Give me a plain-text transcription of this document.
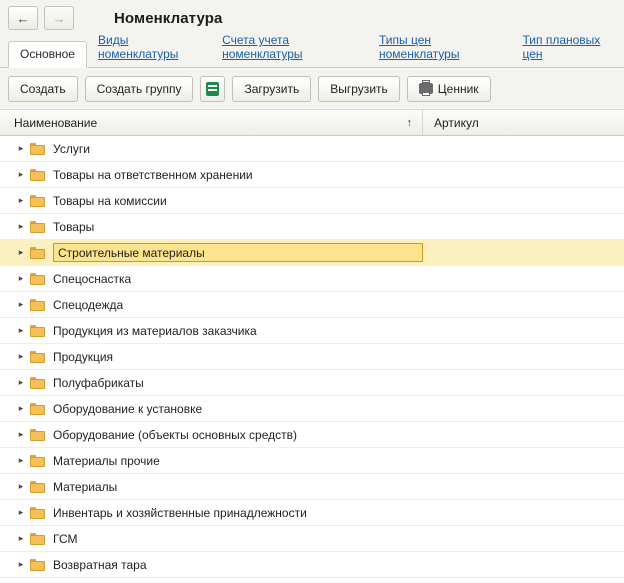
← →	Номенклатура
Основное
Виды номенклатуры
Счета учета номенклатуры
Типы цен номенклатуры
Тип плановых цен
Создать	Создать группу	Загрузить	Выгрузить	Ценник
Наименование	↑ Артикул
▸	Услуги
▸	Товары на ответственном хранении
▸	Товары на комиссии
▸	Товары
▸	Строительные материалы
▸	Спецоснастка
▸	Спецодежда
▸	Продукция из материалов заказчика
▸	Продукция
▸	Полуфабрикаты
▸	Оборудование к установке
▸	Оборудование (объекты основных средств)
▸	Материалы прочие
▸	Материалы
▸	Инвентарь и хозяйственные принадлежности
▸	ГСМ
▸	Возвратная тара
